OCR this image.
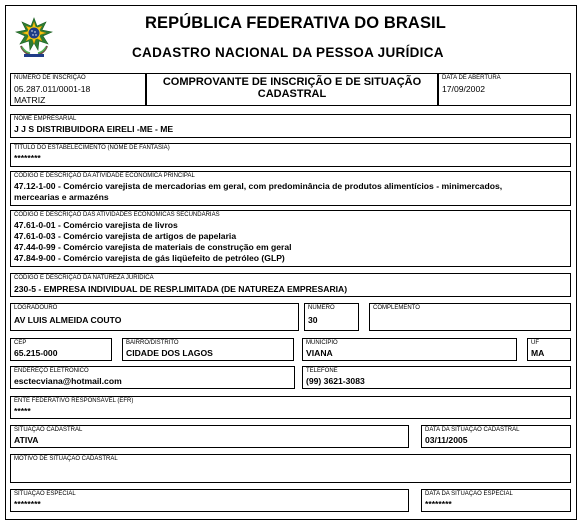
REPÚBLICA FEDERATIVA DO BRASIL
CADASTRO NACIONAL DA PESSOA JURÍDICA
NÚMERO DE INSCRIÇÃO
05.287.011/0001-18
MATRIZ
COMPROVANTE DE INSCRIÇÃO E DE SITUAÇÃO
CADASTRAL
DATA DE ABERTURA
17/09/2002
NOME EMPRESARIAL
J J S DISTRIBUIDORA EIRELI -ME - ME
TÍTULO DO ESTABELECIMENTO (NOME DE FANTASIA)
********
CÓDIGO E DESCRIÇÃO DA ATIVIDADE ECONÔMICA PRINCIPAL
47.12-1-00 - Comércio varejista de mercadorias em geral, com predominância de produtos alimentícios - minimercados,
mercearias e armazéns
CÓDIGO E DESCRIÇÃO DAS ATIVIDADES ECONÔMICAS SECUNDÁRIAS
47.61-0-01 - Comércio varejista de livros
47.61-0-03 - Comércio varejista de artigos de papelaria
47.44-0-99 - Comércio varejista de materiais de construção em geral
47.84-9-00 - Comércio varejista de gás liqüefeito de petróleo (GLP)
CÓDIGO E DESCRIÇÃO DA NATUREZA JURÍDICA
230-5 - EMPRESA INDIVIDUAL DE RESP.LIMITADA (DE NATUREZA EMPRESARIA)
LOGRADOURO
AV LUIS ALMEIDA COUTO
NÚMERO
30
COMPLEMENTO
CEP
65.215-000
BAIRRO/DISTRITO
CIDADE DOS LAGOS
MUNICÍPIO
VIANA
UF
MA
ENDEREÇO ELETRÔNICO
esctecviana@hotmail.com
TELEFONE
(99) 3621-3083
ENTE FEDERATIVO RESPONSÁVEL (EFR)
*****
SITUAÇÃO CADASTRAL
ATIVA
DATA DA SITUAÇÃO CADASTRAL
03/11/2005
MOTIVO DE SITUAÇÃO CADASTRAL
SITUAÇÃO ESPECIAL
********
DATA DA SITUAÇÃO ESPECIAL
********
